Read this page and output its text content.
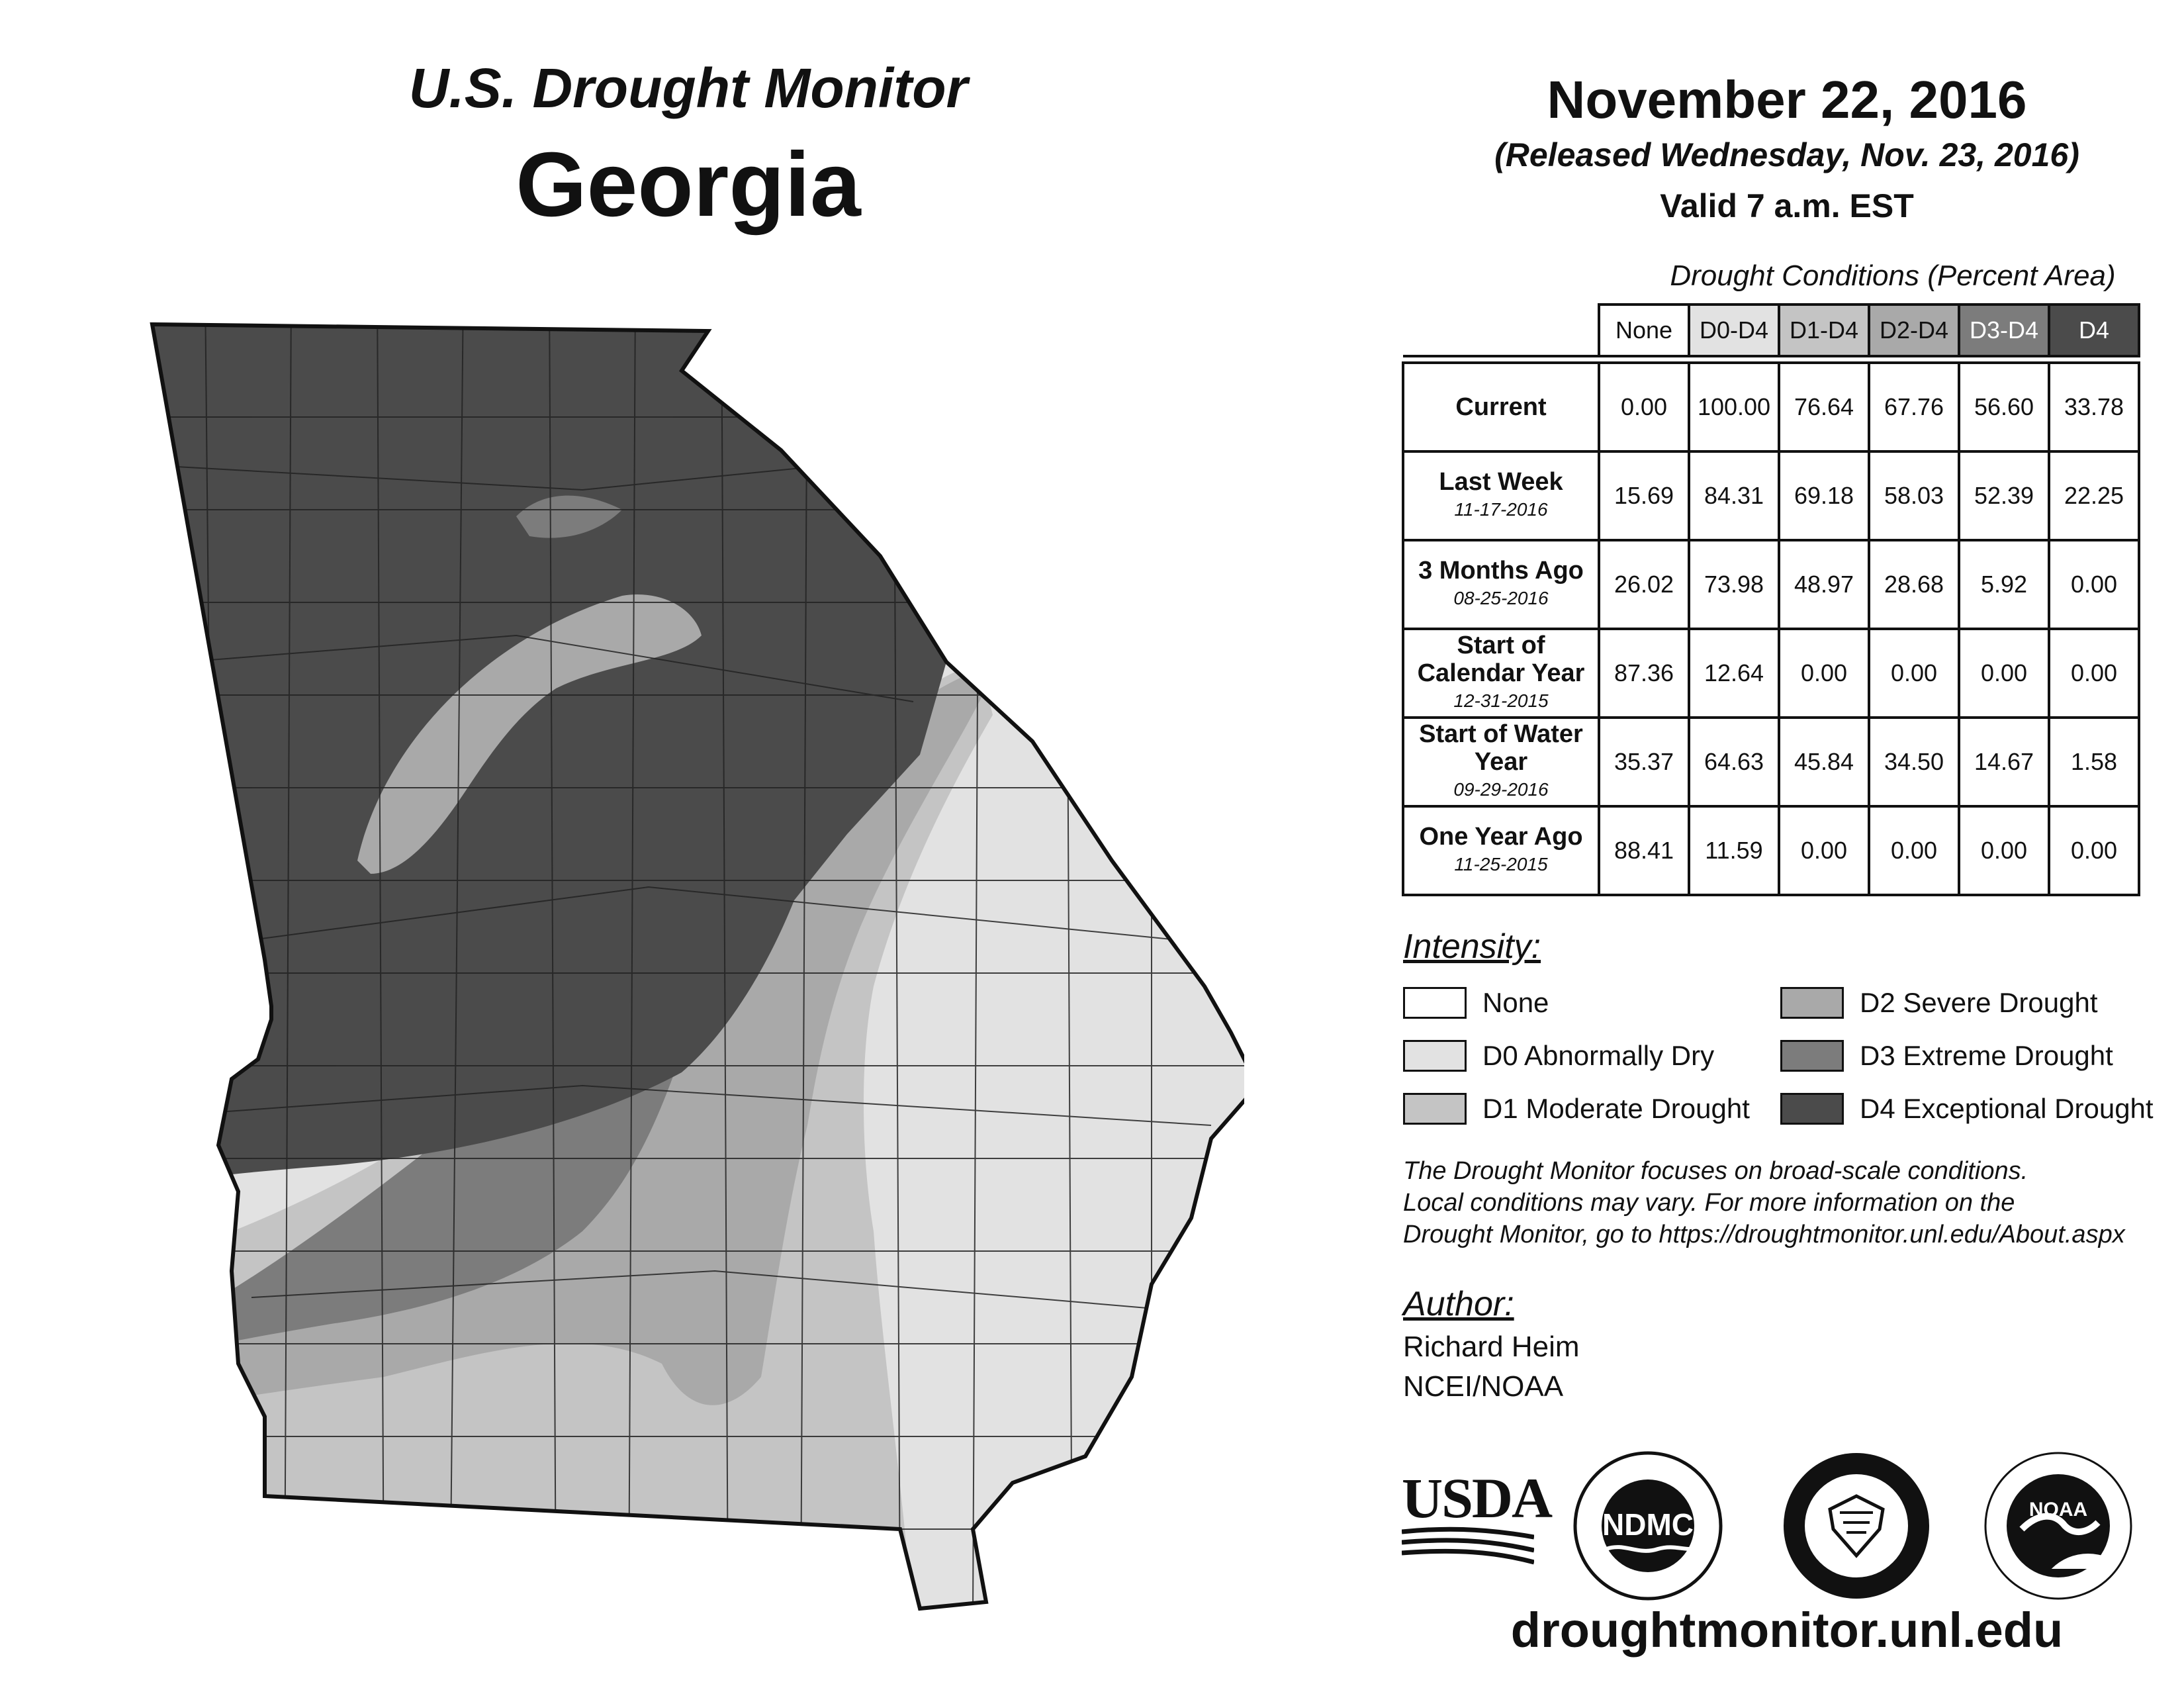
U.S. Drought Monitor
Georgia
November 22, 2016
(Released Wednesday, Nov. 23, 2016)
Valid 7 a.m. EST
Drought Conditions (Percent Area)
	None	D0-D4	D1-D4	D2-D4	D3-D4	D4

Current	0.00	100.00	76.64	67.76	56.60	33.78
Last Week
11-17-2016	15.69	84.31	69.18	58.03	52.39	22.25
3 Months Ago
08-25-2016	26.02	73.98	48.97	28.68	5.92	0.00
Start of Calendar Year
12-31-2015	87.36	12.64	0.00	0.00	0.00	0.00
Start of Water Year
09-29-2016	35.37	64.63	45.84	34.50	14.67	1.58
One Year Ago
11-25-2015	88.41	11.59	0.00	0.00	0.00	0.00
Intensity:
None
D0 Abnormally Dry
D1 Moderate Drought
D2 Severe Drought
D3 Extreme Drought
D4 Exceptional Drought
The Drought Monitor focuses on broad-scale conditions.
Local conditions may vary. For more information on the
Drought Monitor, go to https://droughtmonitor.unl.edu/About.aspx
Author:
Richard Heim
NCEI/NOAA
USDA	NDMC	NOAA
droughtmonitor.unl.edu
